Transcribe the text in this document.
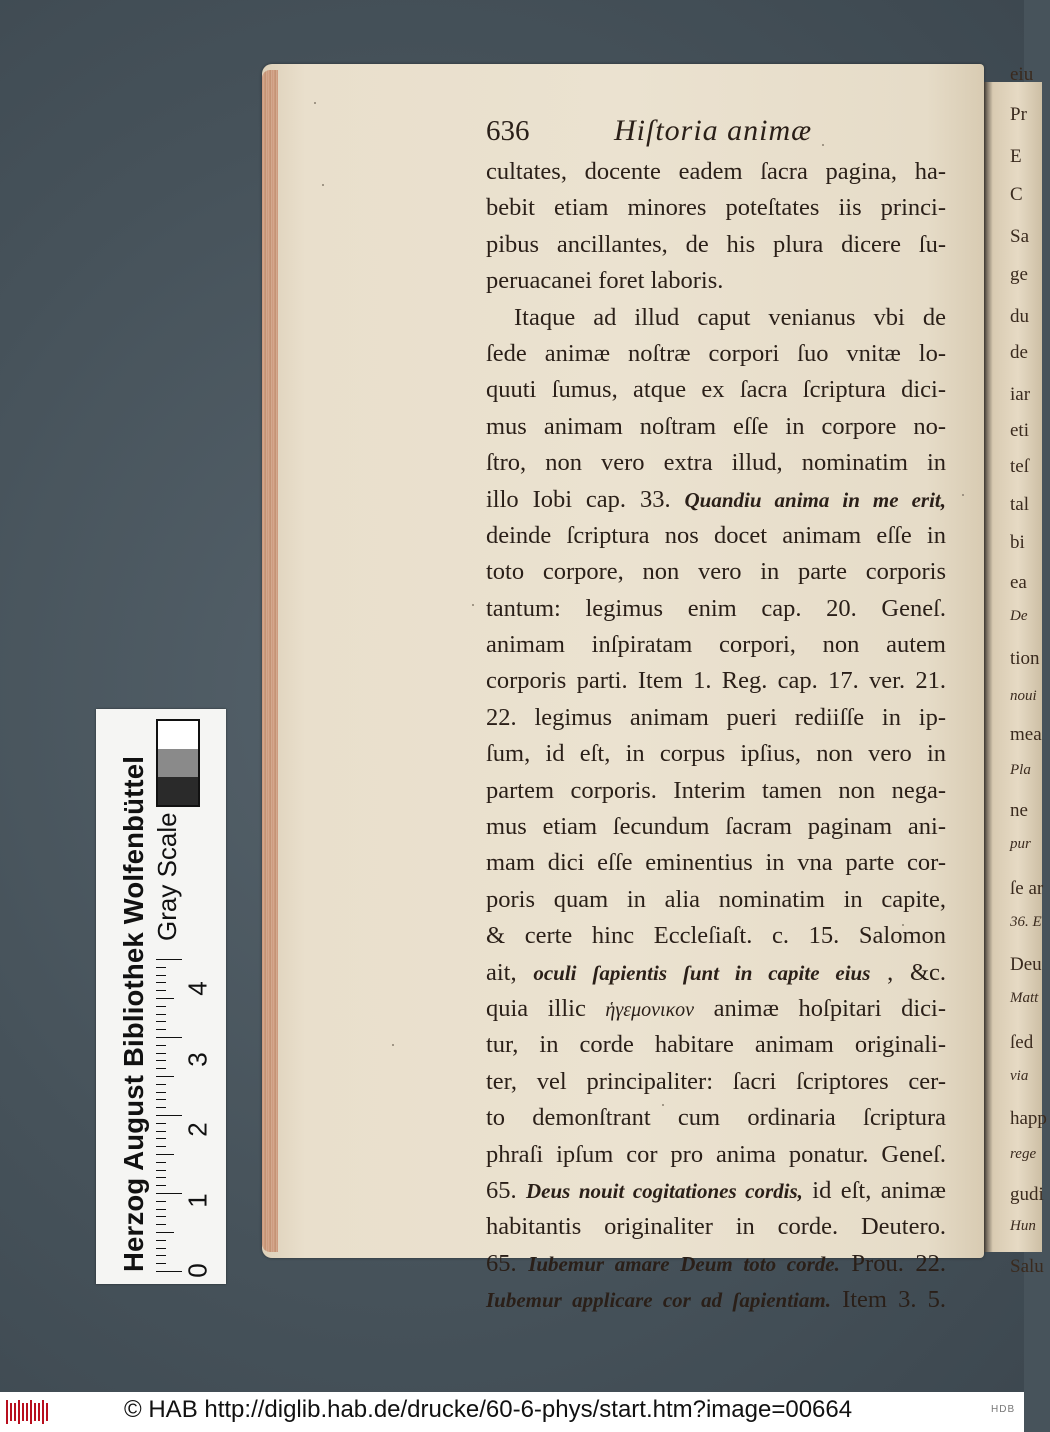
eiu
Pr
E
C
Sa
ge
du
de
iar
eti
teſ
tal
bi
ea
De
tion
noui
mea
Pla
ne
pur
ſe ar
36. E
Deu
Matt
ſed
via
happ
rege
gudi
Hun
Salu
636	Hiſtoria animæ
cultates, docente eadem ſacra pagina, ha-
bebit etiam minores poteſtates iis princi-
pibus ancillantes, de his plura dicere ſu-
peruacanei foret laboris.
Itaque ad illud caput venianus vbi de
ſede animæ noſtræ corpori ſuo vnitæ lo-
quuti ſumus, atque ex ſacra ſcriptura dici-
mus animam noſtram eſſe in corpore no-
ſtro, non vero extra illud, nominatim in
illo Iobi cap. 33. Quandiu anima in me erit,
deinde ſcriptura nos docet animam eſſe in
toto corpore, non vero in parte corporis
tantum: legimus enim cap. 20. Geneſ.
animam inſpiratam corpori, non autem
corporis parti. Item 1. Reg. cap. 17. ver. 21.
22. legimus animam pueri rediiſſe in ip-
ſum, id eſt, in corpus ipſius, non vero in
partem corporis. Interim tamen non nega-
mus etiam ſecundum ſacram paginam ani-
mam dici eſſe eminentius in vna parte cor-
poris quam in alia nominatim in capite,
& certe hinc Eccleſiaſt. c. 15. Salomon
ait, oculi ſapientis ſunt in capite eius , &c.
quia illic ἡγεμονικον animæ hoſpitari dici-
tur, in corde habitare animam originali-
ter, vel principaliter: ſacri ſcriptores cer-
to demonſtrant cum ordinaria ſcriptura
phraſi ipſum cor pro anima ponatur. Geneſ.
65. Deus nouit cogitationes cordis, id eſt, animæ
habitantis originaliter in corde. Deutero.
65. Iubemur amare Deum toto corde. Prou. 22.
Iubemur applicare cor ad ſapientiam. Item 3. 5.
Gray Scale
0
1
2
3
4
Herzog August Bibliothek Wolfenbüttel
© HAB http://diglib.hab.de/drucke/60-6-phys/start.htm?image=00664	HDB
